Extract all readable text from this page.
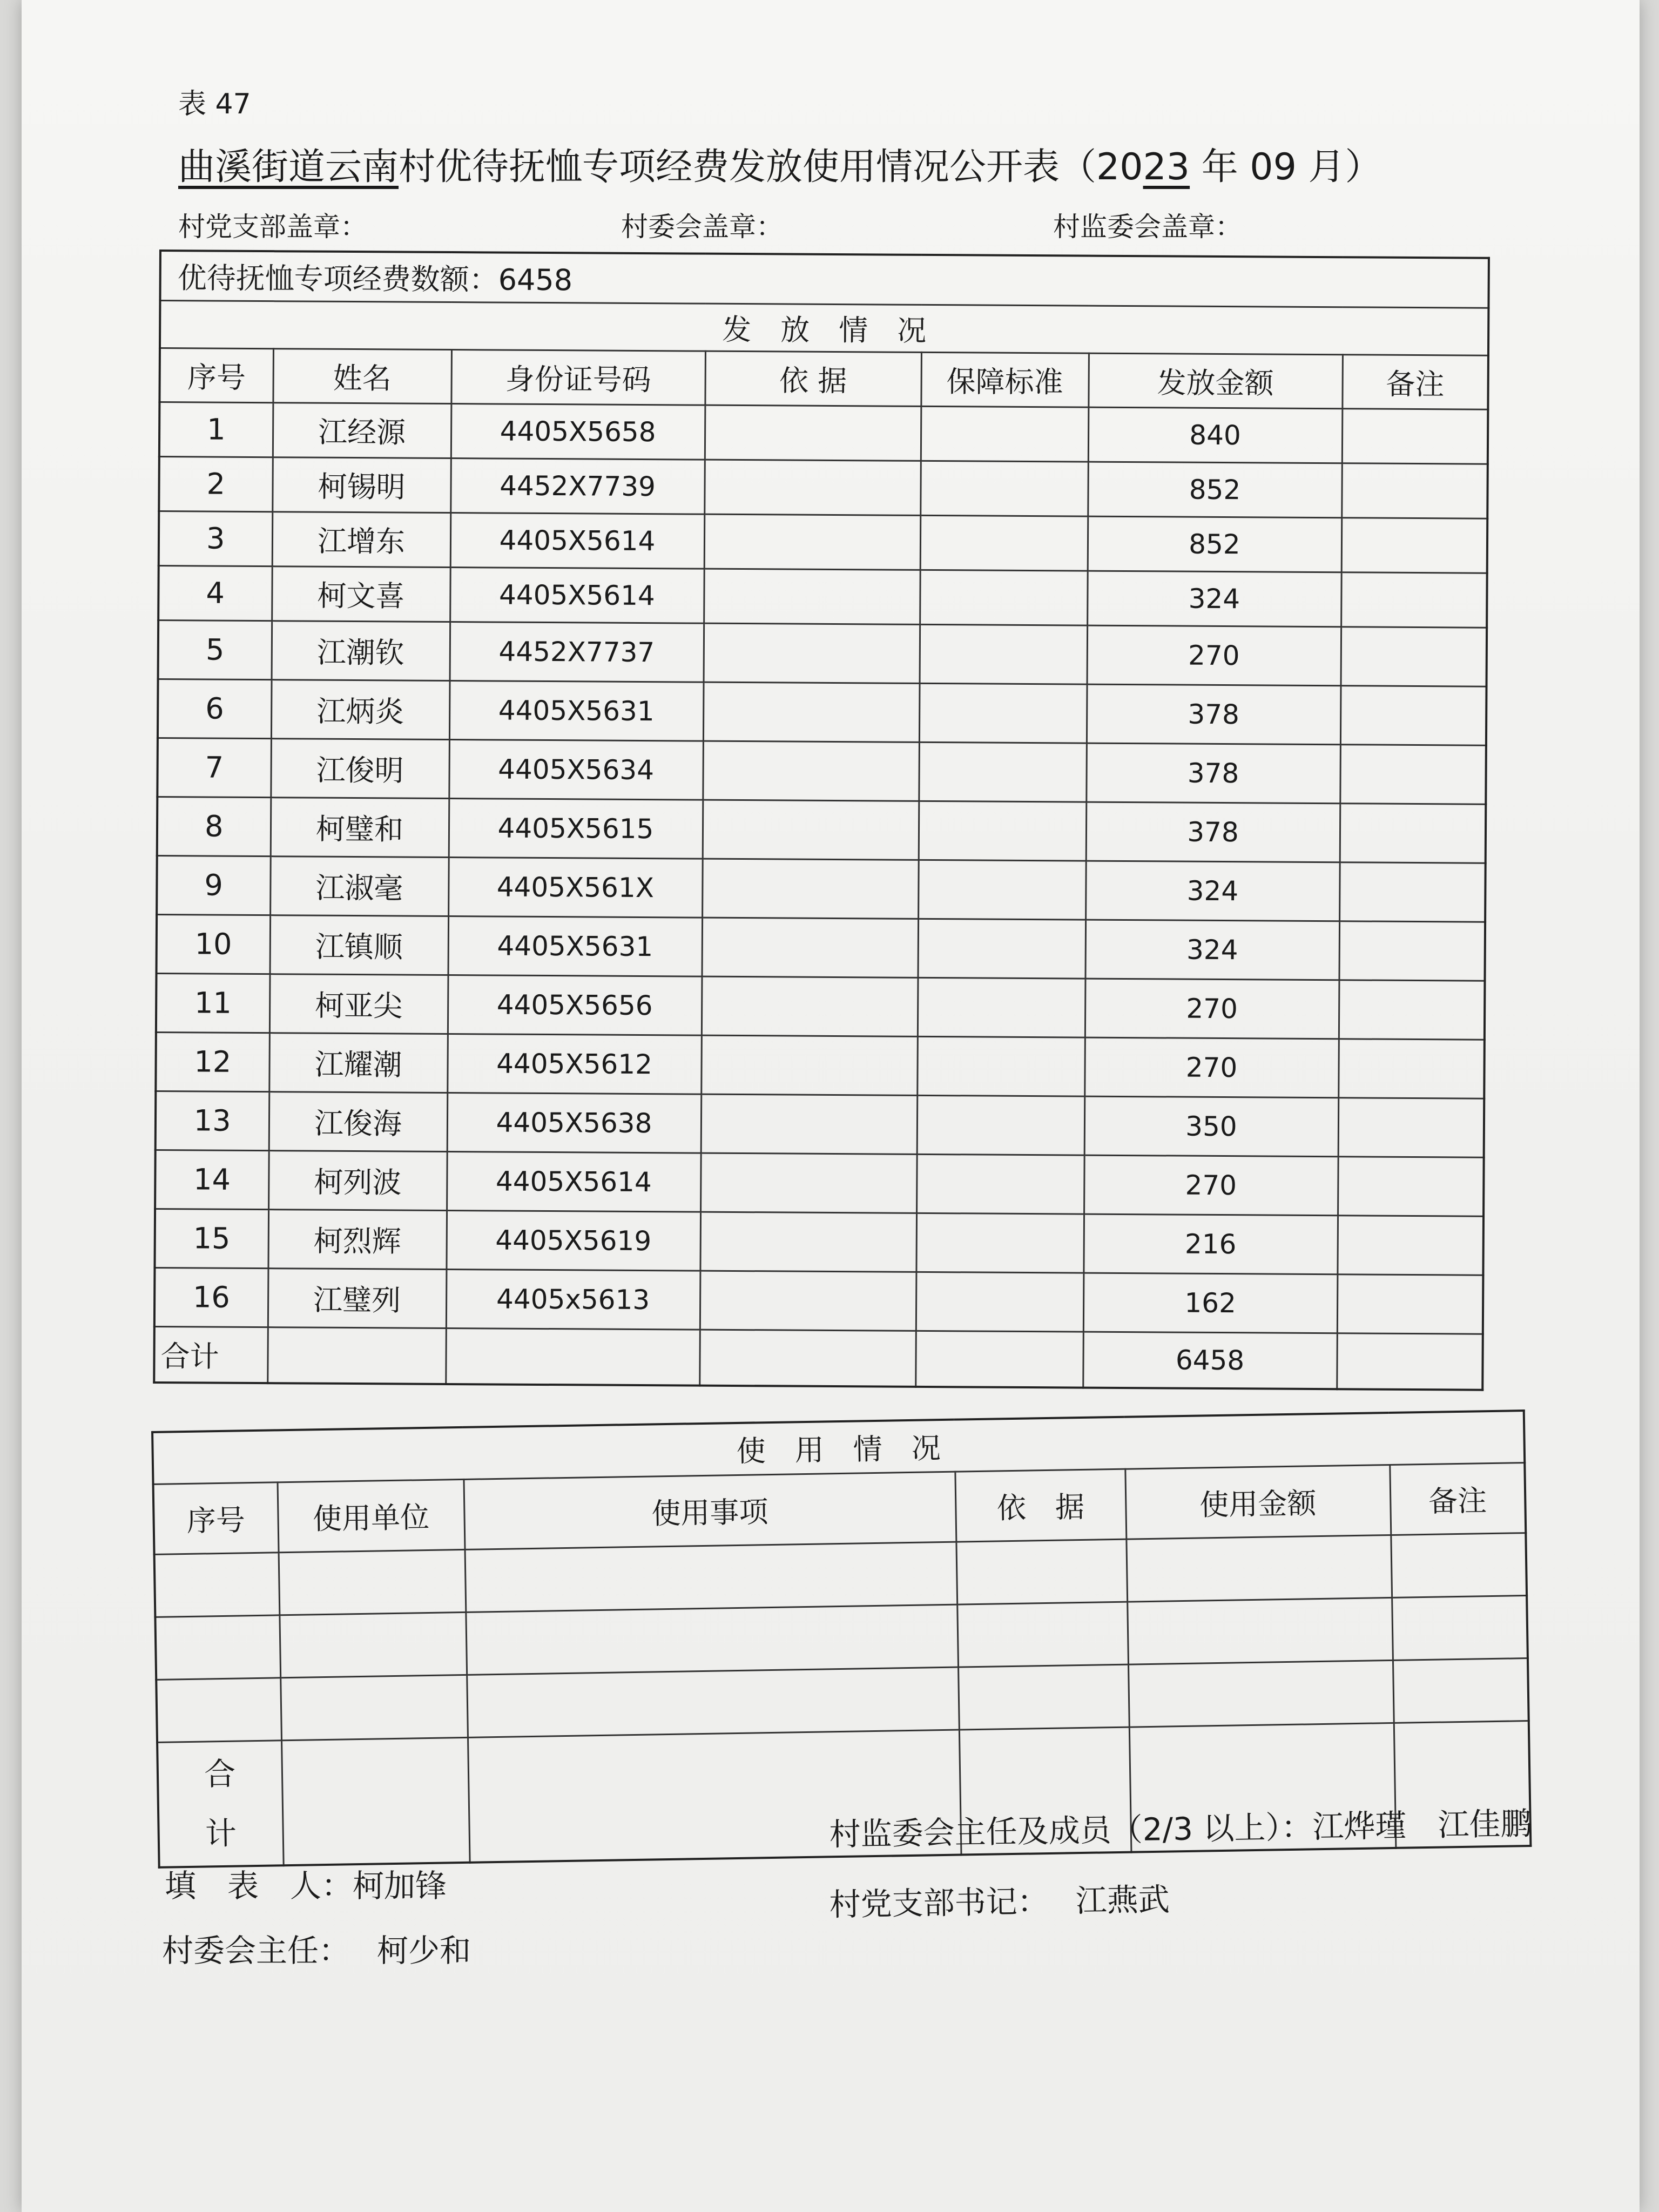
表 47
曲溪街道云南村优待抚恤专项经费发放使用情况公开表（2023 年 09 月）
村党支部盖章：	村委会盖章：	村监委会盖章：
优待抚恤专项经费数额：6458						
发　放　情　况						
序号	姓名	身份证号码	依 据	保障标准	发放金额	备注
1	江经源	4405X5658			840	
2	柯锡明	4452X7739			852	
3	江增东	4405X5614			852	
4	柯文喜	4405X5614			324	
5	江潮钦	4452X7737			270	
6	江炳炎	4405X5631			378	
7	江俊明	4405X5634			378	
8	柯璧和	4405X5615			378	
9	江淑毫	4405X561X			324	
10	江镇顺	4405X5631			324	
11	柯亚尖	4405X5656			270	
12	江耀潮	4405X5612			270	
13	江俊海	4405X5638			350	
14	柯列波	4405X5614			270	
15	柯烈辉	4405X5619			216	
16	江璧列	4405x5613			162	
合计					6458	
使　用　情　况					
序号	使用单位	使用事项	依　据	使用金额	备注

合
计					
填　表　人：柯加锋
村委会主任： 柯少和
村监委会主任及成员（2/3 以上）：江烨瑾　江佳鹏
村党支部书记： 江燕武
